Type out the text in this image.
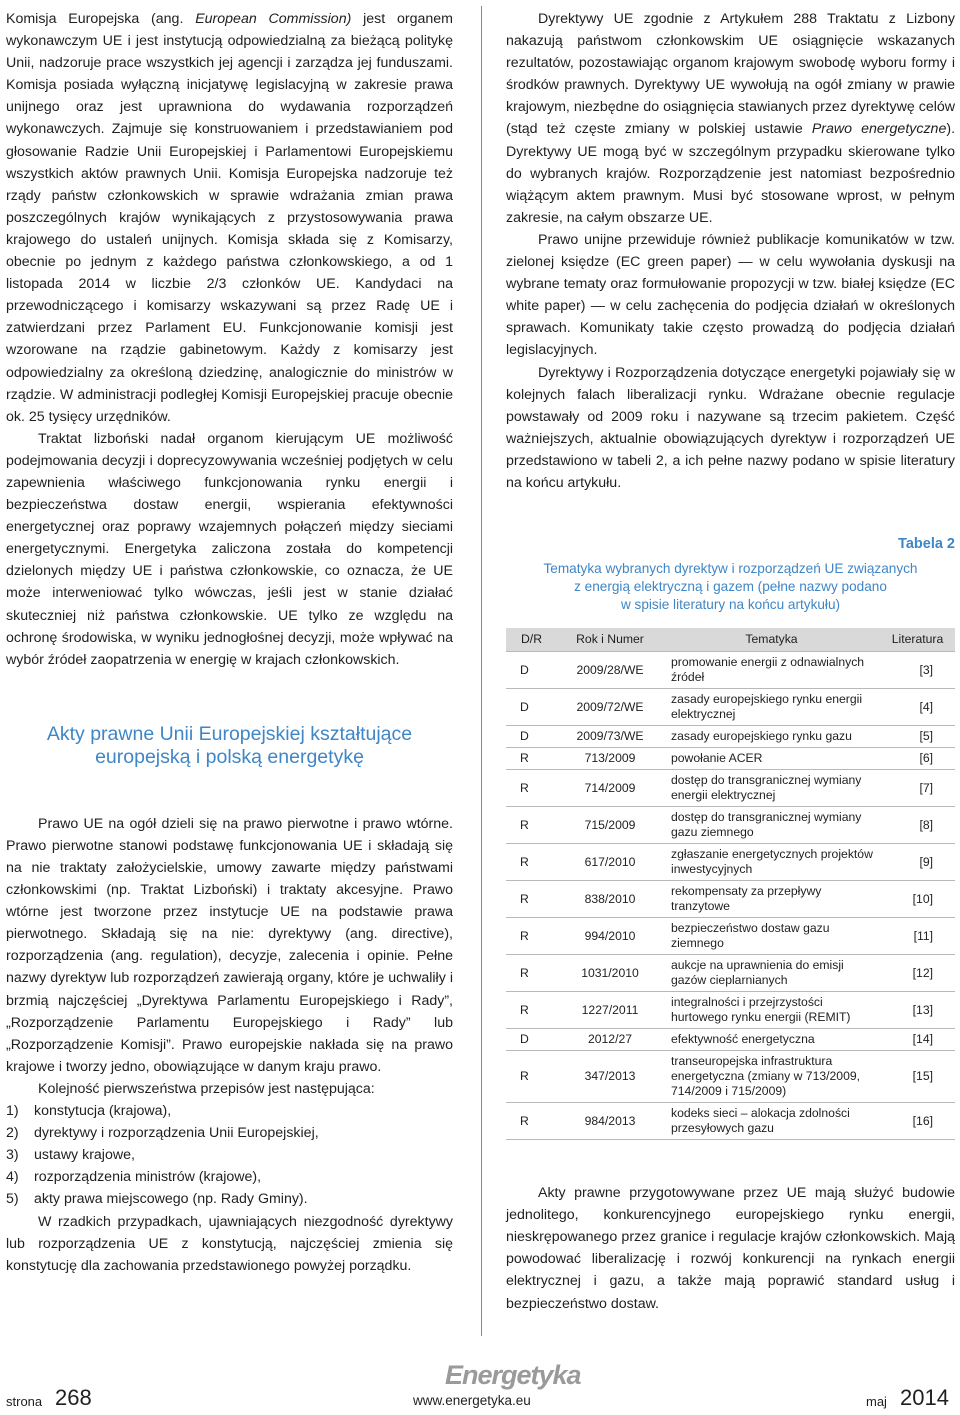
Komisja Europejska (ang. European Commission) jest organem wykonawczym UE i jest instytucją odpowiedzialną za bieżącą politykę Unii, nadzoruje prace wszystkich jej agencji i zarządza jej funduszami. Komisja posiada wyłączną inicjatywę legislacyjną w zakresie prawa unijnego oraz jest uprawniona do wydawania rozporządzeń wykonawczych. Zajmuje się konstruowaniem i przedstawianiem pod głosowanie Radzie Unii Europejskiej i Parlamentowi Europejskiemu wszystkich aktów prawnych Unii. Komisja Europejska nadzoruje też rządy państw członkowskich w sprawie wdrażania zmian prawa poszczególnych krajów wynikających z przystosowywania prawa krajowego do ustaleń unijnych. Komisja składa się z Komisarzy, obecnie po jednym z każdego państwa członkowskiego, a od 1 listopada 2014 w liczbie 2/3 członków UE. Kandydaci na przewodniczącego i komisarzy wskazywani są przez Radę UE i zatwierdzani przez Parlament EU. Funkcjonowanie komisji jest wzorowane na rządzie gabinetowym. Każdy z komisarzy jest odpowiedzialny za określoną dziedzinę, analogicznie do ministrów w rządzie. W administracji podległej Komisji Europejskiej pracuje obecnie ok. 25 tysięcy urzędników.

Traktat lizboński nadał organom kierującym UE możliwość podejmowania decyzji i doprecyzowywania wcześniej podjętych w celu zapewnienia właściwego funkcjonowania rynku energii i bezpieczeństwa dostaw energii, wspierania efektywności energetycznej oraz poprawy wzajemnych połączeń między sieciami energetycznymi. Energetyka zaliczona została do kompetencji dzielonych między UE i państwa członkowskie, co oznacza, że UE może interweniować tylko wówczas, jeśli jest w stanie działać skuteczniej niż państwa członkowskie. UE tylko ze względu na ochronę środowiska, w wyniku jednogłośnej decyzji, może wpływać na wybór źródeł zaopatrzenia w energię w krajach członkowskich.

Akty prawne Unii Europejskiej kształtujące
europejską i polską energetykę

Prawo UE na ogół dzieli się na prawo pierwotne i prawo wtórne. Prawo pierwotne stanowi podstawę funkcjonowania UE i składają się na nie traktaty założycielskie, umowy zawarte między państwami członkowskimi (np. Traktat Lizboński) i traktaty akcesyjne. Prawo wtórne jest tworzone przez instytucje UE na podstawie prawa pierwotnego. Składają się na nie: dyrektywy (ang. directive), rozporządzenia (ang. regulation), decyzje, zalecenia i opinie. Pełne nazwy dyrektyw lub rozporządzeń zawierają organy, które je uchwaliły i brzmią najczęściej „Dyrektywa Parlamentu Europejskiego i Rady”, „Rozporządzenie Parlamentu Europejskiego i Rady” lub „Rozporządzenie Komisji”. Prawo europejskie nakłada się na prawo krajowe i tworzy jedno, obowiązujące w danym kraju prawo.

Kolejność pierwszeństwa przepisów jest następująca:

1) konstytucja (krajowa),
2) dyrektywy i rozporządzenia Unii Europejskiej,
3) ustawy krajowe,
4) rozporządzenia ministrów (krajowe),
5) akty prawa miejscowego (np. Rady Gminy).

W rzadkich przypadkach, ujawniających niezgodność dyrektywy lub rozporządzenia UE z konstytucją, najczęściej zmienia się konstytucję dla zachowania przedstawionego powyżej porządku.

Dyrektywy UE zgodnie z Artykułem 288 Traktatu z Lizbony nakazują państwom członkowskim UE osiągnięcie wskazanych rezultatów, pozostawiając organom krajowym swobodę wyboru formy i środków prawnych. Dyrektywy UE wywołują na ogół zmiany w prawie krajowym, niezbędne do osiągnięcia stawianych przez dyrektywę celów (stąd też częste zmiany w polskiej ustawie Prawo energetyczne). Dyrektywy UE mogą być w szczególnym przypadku skierowane tylko do wybranych krajów. Rozporządzenie jest natomiast bezpośrednio wiążącym aktem prawnym. Musi być stosowane wprost, w pełnym zakresie, na całym obszarze UE.

Prawo unijne przewiduje również publikacje komunikatów w tzw. zielonej księdze (EC green paper) — w celu wywołania dyskusji na wybrane tematy oraz formułowanie propozycji w tzw. białej księdze (EC white paper) — w celu zachęcenia do podjęcia działań w określonych sprawach. Komunikaty takie często prowadzą do podjęcia działań legislacyjnych.

Dyrektywy i Rozporządzenia dotyczące energetyki pojawiały się w kolejnych falach liberalizacji rynku. Wdrażane obecnie regulacje powstawały od 2009 roku i nazywane są trzecim pakietem. Część ważniejszych, aktualnie obowiązujących dyrektyw i rozporządzeń UE przedstawiono w tabeli 2, a ich pełne nazwy podano w spisie literatury na końcu artykułu.

Tabela 2
Tematyka wybranych dyrektyw i rozporządzeń UE związanych
z energią elektryczną i gazem (pełne nazwy podano
w spisie literatury na końcu artykułu)
D/R	Rok i Numer	Tematyka	Literatura
D	2009/28/WE	promowanie energii z odnawialnych źródeł	[3]
D	2009/72/WE	zasady europejskiego rynku energii elektrycznej	[4]
D	2009/73/WE	zasady europejskiego rynku gazu	[5]
R	713/2009	powołanie ACER	[6]
R	714/2009	dostęp do transgranicznej wymiany energii elektrycznej	[7]
R	715/2009	dostęp do transgranicznej wymiany gazu ziemnego	[8]
R	617/2010	zgłaszanie energetycznych projektów inwestycyjnych	[9]
R	838/2010	rekompensaty za przepływy tranzytowe	[10]
R	994/2010	bezpieczeństwo dostaw gazu ziemnego	[11]
R	1031/2010	aukcje na uprawnienia do emisji gazów cieplarnianych	[12]
R	1227/2011	integralności i przejrzystości hurtowego rynku energii (REMIT)	[13]
D	2012/27	efektywność energetyczna	[14]
R	347/2013	transeuropejska infrastruktura energetyczna (zmiany w 713/2009, 714/2009 i 715/2009)	[15]
R	984/2013	kodeks sieci – alokacja zdolności przesyłowych gazu	[16]

Akty prawne przygotowywane przez UE mają służyć budowie jednolitego, konkurencyjnego europejskiego rynku energii, nieskrępowanego przez granice i regulacje krajów członkowskich. Mają powodować liberalizację i rozwój konkurencji na rynkach energii elektrycznej i gazu, a także mają poprawić standard usług i bezpieczeństwo dostaw.

strona 268
Energetyka
www.energetyka.eu	maj 2014
